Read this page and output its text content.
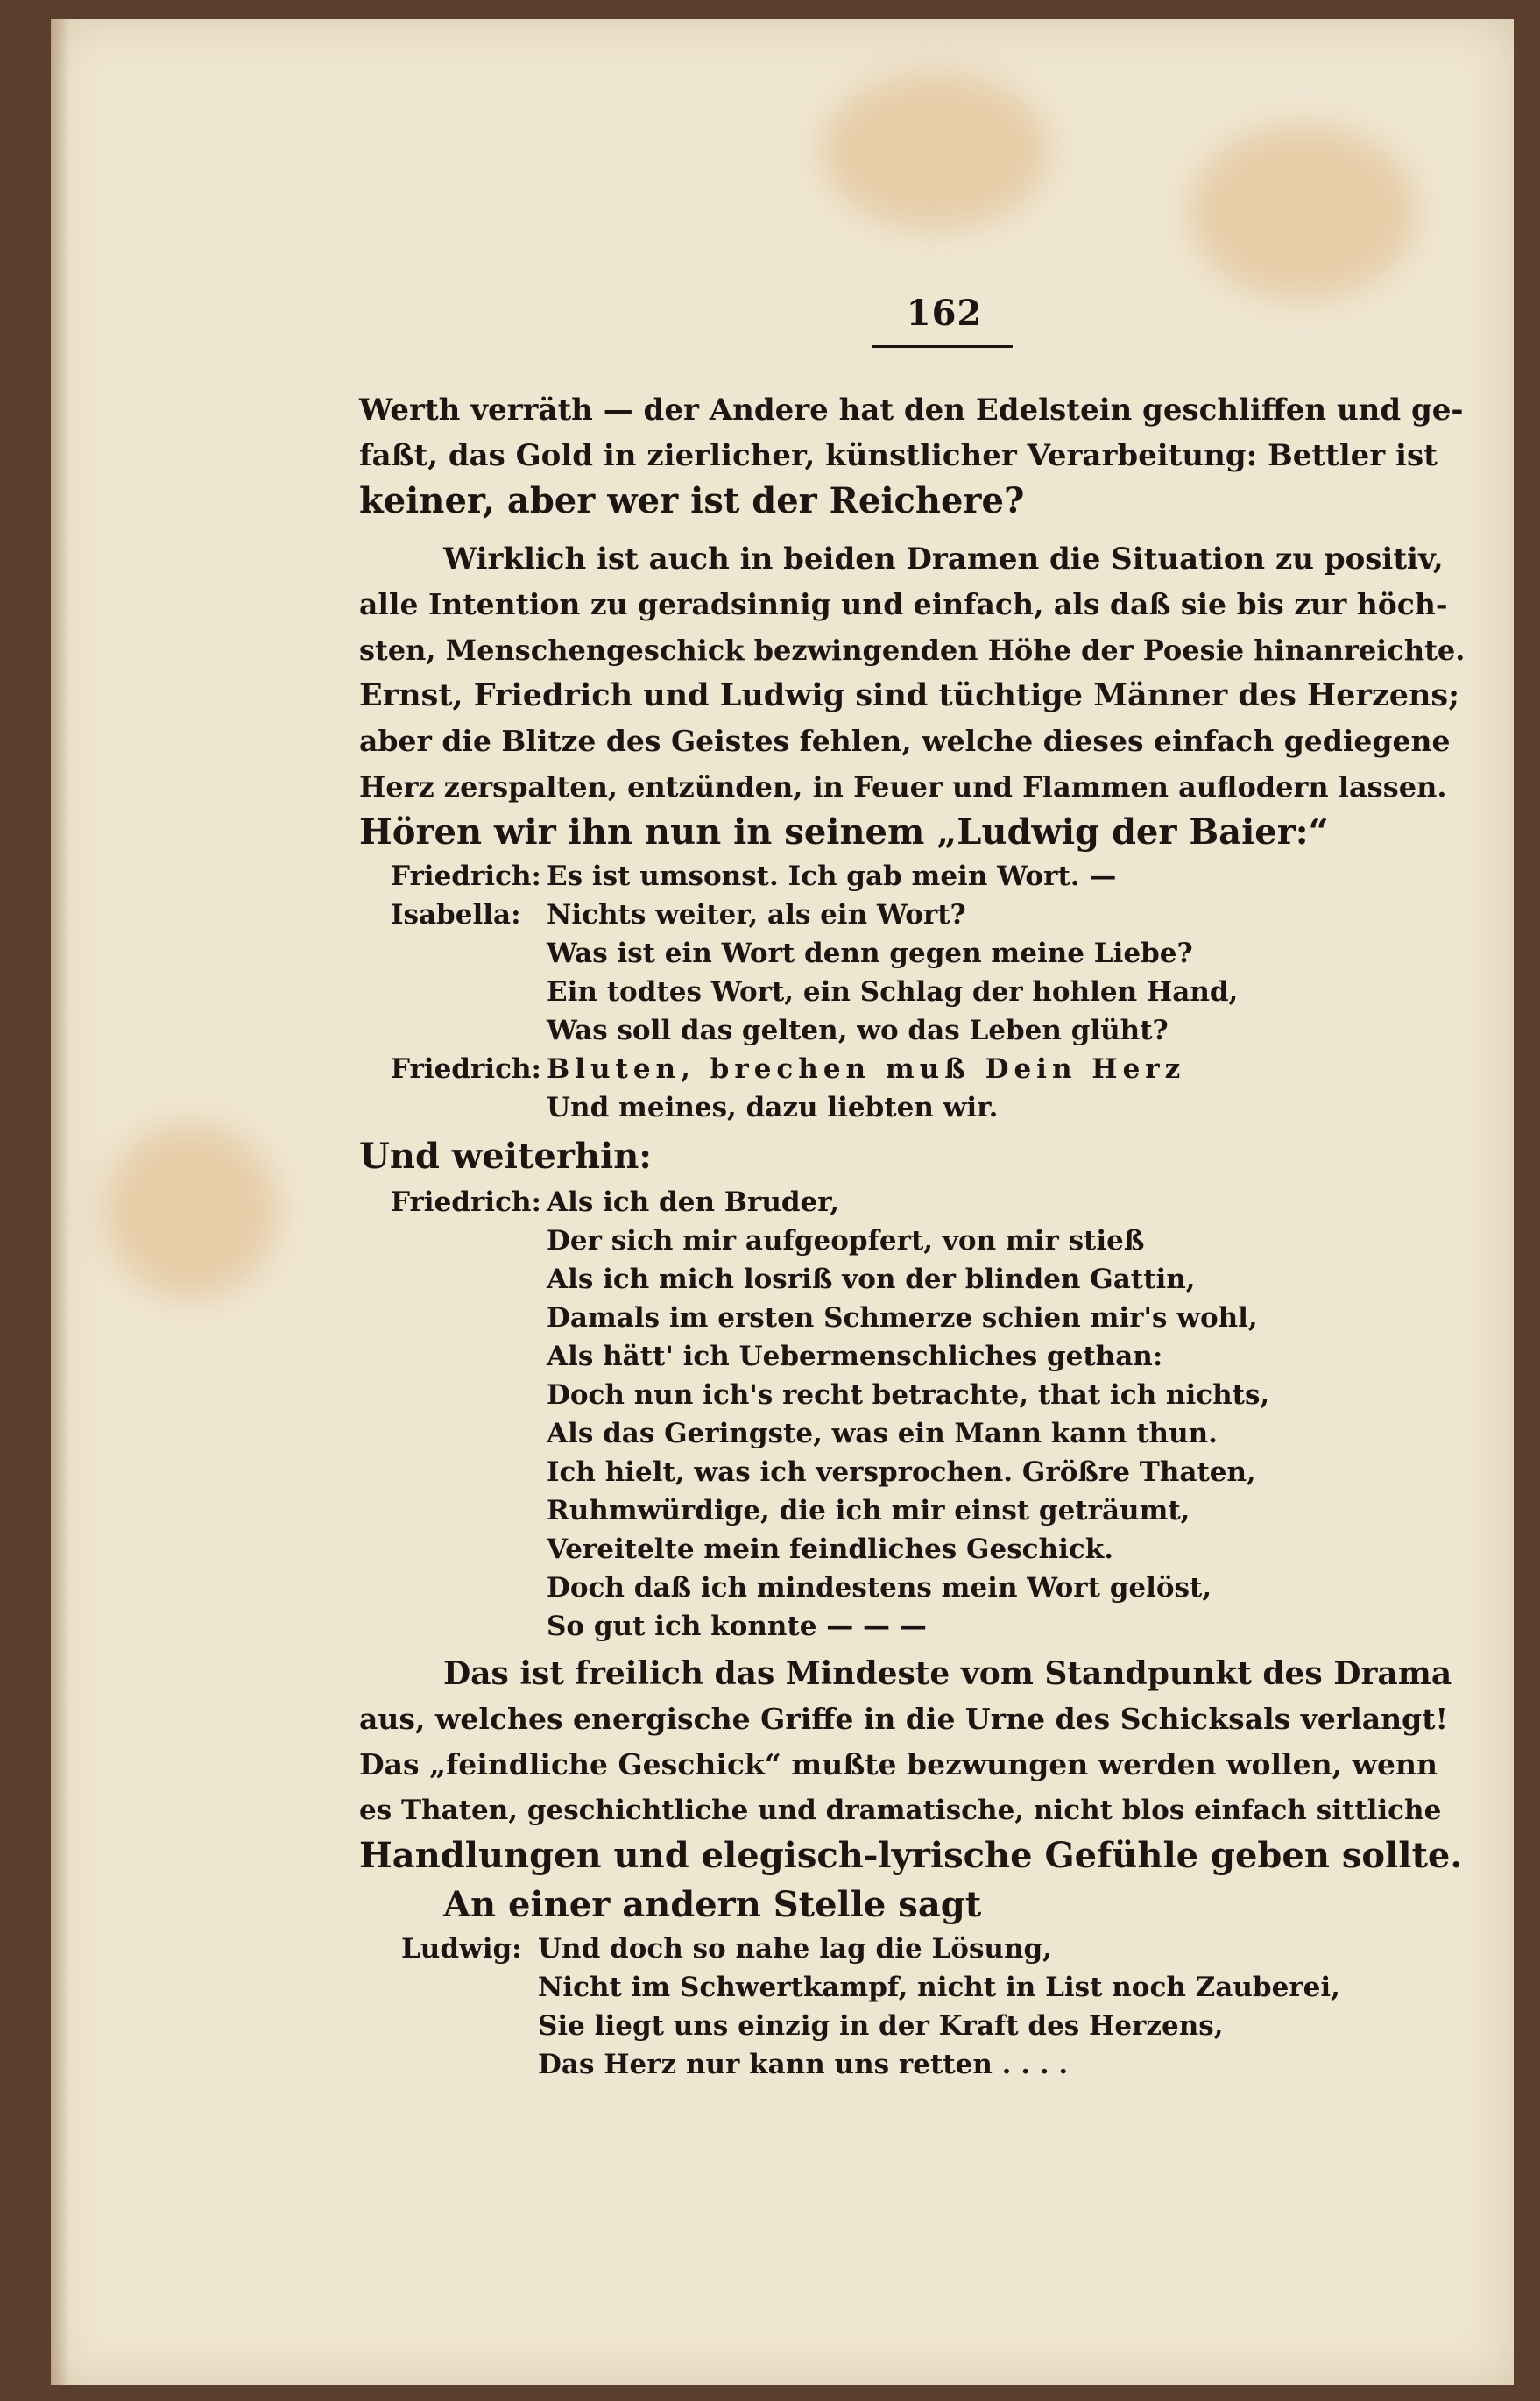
162
Werth verräth — der Andere hat den Edelstein geschliffen und ge-
faßt, das Gold in zierlicher, künstlicher Verarbeitung: Bettler ist
keiner, aber wer ist der Reichere?
Wirklich ist auch in beiden Dramen die Situation zu positiv,
alle Intention zu geradsinnig und einfach, als daß sie bis zur höch-
sten, Menschengeschick bezwingenden Höhe der Poesie hinanreichte.
Ernst, Friedrich und Ludwig sind tüchtige Männer des Herzens;
aber die Blitze des Geistes fehlen, welche dieses einfach gediegene
Herz zerspalten, entzünden, in Feuer und Flammen auflodern lassen.
Hören wir ihn nun in seinem „Ludwig der Baier:“
Friedrich: Es ist umsonst. Ich gab mein Wort. —
Isabella: Nichts weiter, als ein Wort?
Was ist ein Wort denn gegen meine Liebe?
Ein todtes Wort, ein Schlag der hohlen Hand,
Was soll das gelten, wo das Leben glüht?
Friedrich: Bluten, brechen muß Dein Herz
Und meines, dazu liebten wir.
Und weiterhin:
Friedrich: Als ich den Bruder,
Der sich mir aufgeopfert, von mir stieß
Als ich mich losriß von der blinden Gattin,
Damals im ersten Schmerze schien mir's wohl,
Als hätt' ich Uebermenschliches gethan:
Doch nun ich's recht betrachte, that ich nichts,
Als das Geringste, was ein Mann kann thun.
Ich hielt, was ich versprochen. Größre Thaten,
Ruhmwürdige, die ich mir einst geträumt,
Vereitelte mein feindliches Geschick.
Doch daß ich mindestens mein Wort gelöst,
So gut ich konnte — — —
Das ist freilich das Mindeste vom Standpunkt des Drama
aus, welches energische Griffe in die Urne des Schicksals verlangt!
Das „feindliche Geschick“ mußte bezwungen werden wollen, wenn
es Thaten, geschichtliche und dramatische, nicht blos einfach sittliche
Handlungen und elegisch-lyrische Gefühle geben sollte.
An einer andern Stelle sagt
Ludwig: Und doch so nahe lag die Lösung,
Nicht im Schwertkampf, nicht in List noch Zauberei,
Sie liegt uns einzig in der Kraft des Herzens,
Das Herz nur kann uns retten . . . .
